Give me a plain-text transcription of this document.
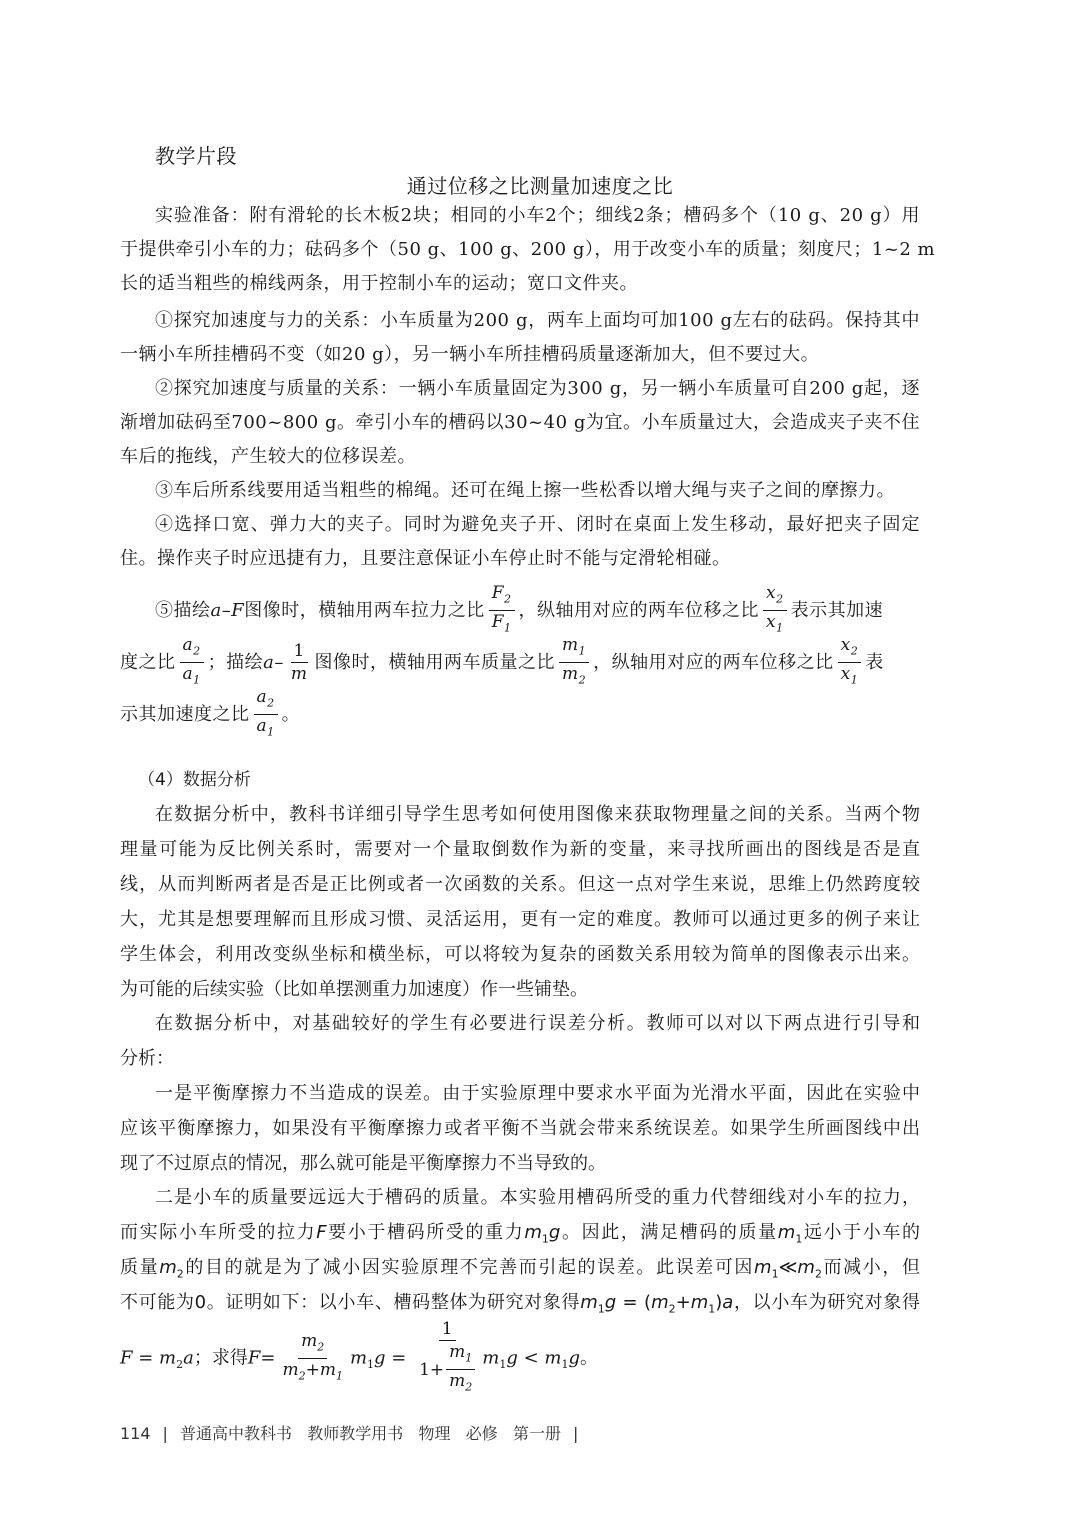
教学片段
通过位移之比测量加速度之比
实验准备：附有滑轮的长木板2块；相同的小车2个；细线2条；槽码多个（10 g、20 g）用
于提供牵引小车的力；砝码多个（50 g、100 g、200 g），用于改变小车的质量；刻度尺；1~2 m
长的适当粗些的棉线两条，用于控制小车的运动；宽口文件夹。
①探究加速度与力的关系：小车质量为200 g，两车上面均可加100 g左右的砝码。保持其中
一辆小车所挂槽码不变（如20 g），另一辆小车所挂槽码质量逐渐加大，但不要过大。
②探究加速度与质量的关系：一辆小车质量固定为300 g，另一辆小车质量可自200 g起，逐
渐增加砝码至700~800 g。牵引小车的槽码以30~40 g为宜。小车质量过大，会造成夹子夹不住
车后的拖线，产生较大的位移误差。
③车后所系线要用适当粗些的棉绳。还可在绳上擦一些松香以增大绳与夹子之间的摩擦力。
④选择口宽、弹力大的夹子。同时为避免夹子开、闭时在桌面上发生移动，最好把夹子固定
住。操作夹子时应迅捷有力，且要注意保证小车停止时不能与定滑轮相碰。
⑤描绘a–F图像时，横轴用两车拉力之比 $\frac{F_2}{F_1}$ ，纵轴用对应的两车位移之比 $\frac{x_2}{x_1}$ 表示其加速
度之比 $\frac{a_2}{a_1}$ ；描绘$a- \frac{1}{m}$ 图像时，横轴用两车质量之比 $\frac{m_1}{m_2}$ ，纵轴用对应的两车位移之比 $\frac{x_2}{x_1}$ 表
示其加速度之比 $\frac{a_2}{a_1}$ 。
（4）数据分析
在数据分析中，教科书详细引导学生思考如何使用图像来获取物理量之间的关系。当两个物
理量可能为反比例关系时，需要对一个量取倒数作为新的变量，来寻找所画出的图线是否是直
线，从而判断两者是否是正比例或者一次函数的关系。但这一点对学生来说，思维上仍然跨度较
大，尤其是想要理解而且形成习惯、灵活运用，更有一定的难度。教师可以通过更多的例子来让
学生体会，利用改变纵坐标和横坐标，可以将较为复杂的函数关系用较为简单的图像表示出来。
为可能的后续实验（比如单摆测重力加速度）作一些铺垫。
在数据分析中，对基础较好的学生有必要进行误差分析。教师可以对以下两点进行引导和
分析：
一是平衡摩擦力不当造成的误差。由于实验原理中要求水平面为光滑水平面，因此在实验中
应该平衡摩擦力，如果没有平衡摩擦力或者平衡不当就会带来系统误差。如果学生所画图线中出
现了不过原点的情况，那么就可能是平衡摩擦力不当导致的。
二是小车的质量要远远大于槽码的质量。本实验用槽码所受的重力代替细线对小车的拉力，
而实际小车所受的拉力F要小于槽码所受的重力$m_1g$。因此，满足槽码的质量$m_1$远小于小车的
质量$m_2$的目的就是为了减小因实验原理不完善而引起的误差。此误差可因$m_1≪m_2$而减小，但
不可能为0。证明如下：以小车、槽码整体为研究对象得$m_1g = (m_2+m_1)a$，以小车为研究对象得
$F = m_2a$；求得$F= \frac{m_2}{m_2+m_1} m_1g = \frac{1}{1+ \frac{m_1}{m_2}} m_1g < m_1g$。
114 | 普通高中教科书   教师教学用书   物理   必修   第一册 |
